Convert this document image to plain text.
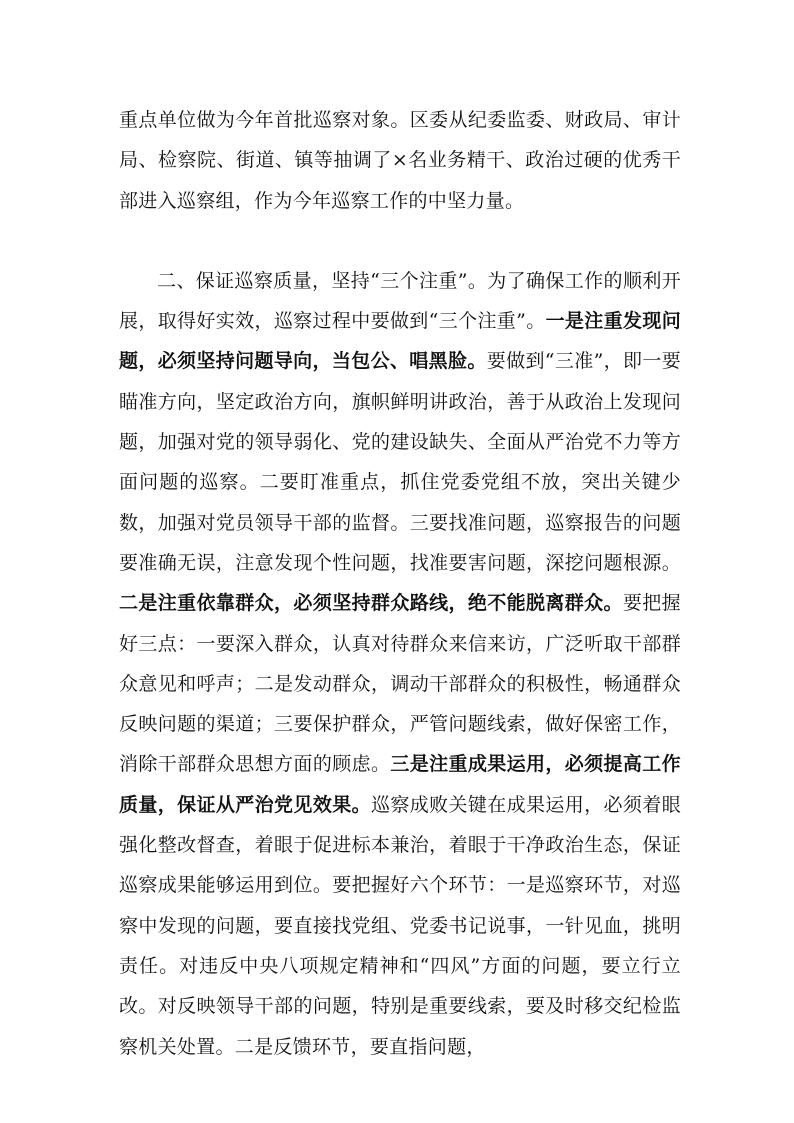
重点单位做为今年首批巡察对象。区委从纪委监委、财政局、审计局、检察院、街道、镇等抽调了×名业务精干、政治过硬的优秀干部进入巡察组，作为今年巡察工作的中坚力量。

二、保证巡察质量，坚持“三个注重”。为了确保工作的顺利开展，取得好实效，巡察过程中要做到“三个注重”。一是注重发现问题，必须坚持问题导向，当包公、唱黑脸。要做到“三准”，即一要瞄准方向，坚定政治方向，旗帜鲜明讲政治，善于从政治上发现问题，加强对党的领导弱化、党的建设缺失、全面从严治党不力等方面问题的巡察。二要盯准重点，抓住党委党组不放，突出关键少数，加强对党员领导干部的监督。三要找准问题，巡察报告的问题要准确无误，注意发现个性问题，找准要害问题，深挖问题根源。二是注重依靠群众，必须坚持群众路线，绝不能脱离群众。要把握好三点：一要深入群众，认真对待群众来信来访，广泛听取干部群众意见和呼声；二是发动群众，调动干部群众的积极性，畅通群众反映问题的渠道；三要保护群众，严管问题线索，做好保密工作，消除干部群众思想方面的顾虑。三是注重成果运用，必须提高工作质量，保证从严治党见效果。巡察成败关键在成果运用，必须着眼强化整改督查，着眼于促进标本兼治，着眼于干净政治生态，保证巡察成果能够运用到位。要把握好六个环节：一是巡察环节，对巡察中发现的问题，要直接找党组、党委书记说事，一针见血，挑明责任。对违反中央八项规定精神和“四风”方面的问题，要立行立改。对反映领导干部的问题，特别是重要线索，要及时移交纪检监察机关处置。二是反馈环节，要直指问题，
